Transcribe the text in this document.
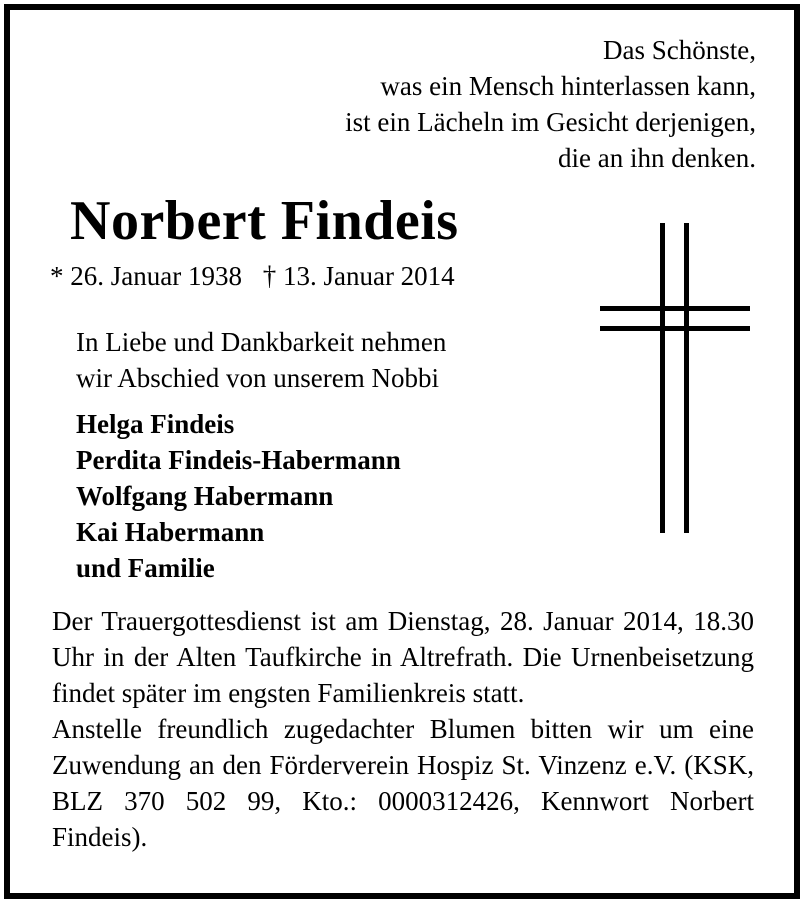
Das Schönste,
was ein Mensch hinterlassen kann,
ist ein Lächeln im Gesicht derjenigen,
die an ihn denken.
Norbert Findeis
* 26. Januar 1938 † 13. Januar 2014
In Liebe und Dankbarkeit nehmen
wir Abschied von unserem Nobbi
Helga Findeis
Perdita Findeis-Habermann
Wolfgang Habermann
Kai Habermann
und Familie

Der Trauergottesdienst ist am Dienstag, 28. Januar 2014, 18.30 Uhr in der Alten Taufkirche in Altrefrath. Die Urnenbeisetzung findet später im engsten Familienkreis statt.

Anstelle freundlich zugedachter Blumen bitten wir um eine Zuwendung an den Förderverein Hospiz St. Vinzenz e.V. (KSK, BLZ 370 502 99, Kto.: 0000312426, Kennwort Norbert Findeis).
